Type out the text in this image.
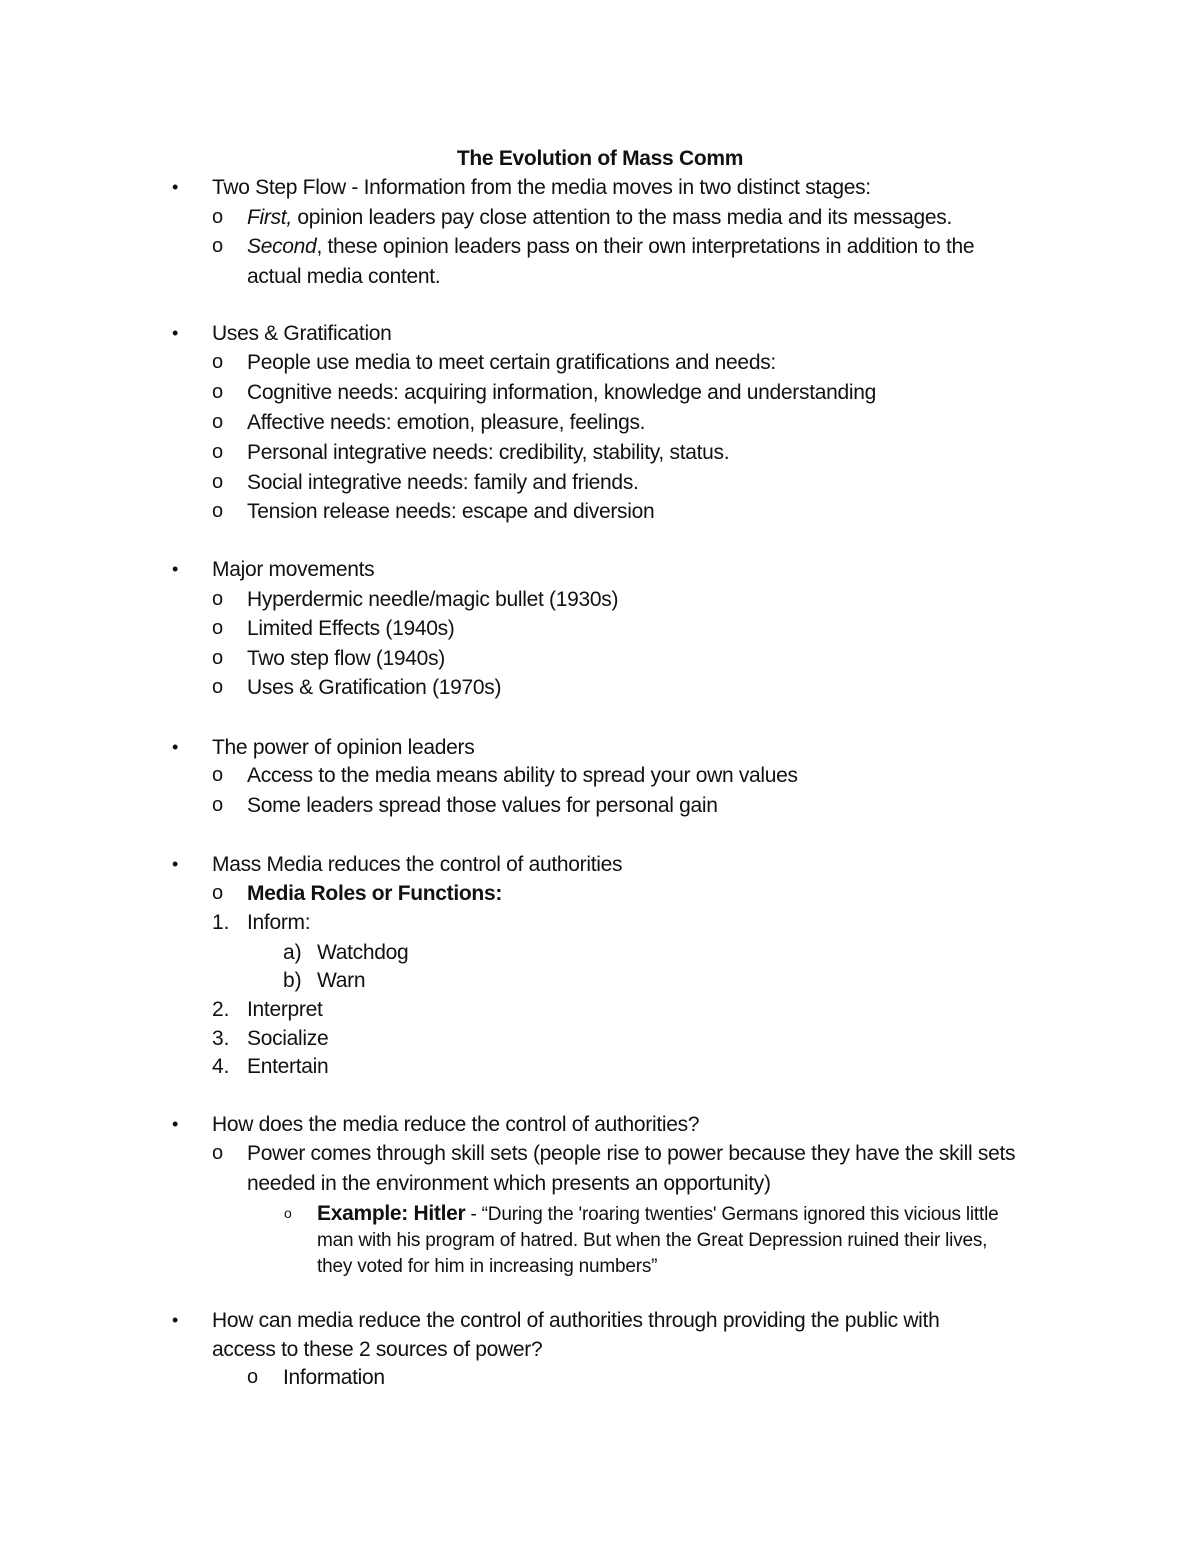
The Evolution of Mass Comm
• Two Step Flow - Information from the media moves in two distinct stages:
o First, opinion leaders pay close attention to the mass media and its messages.
o Second, these opinion leaders pass on their own interpretations in addition to the
actual media content.
• Uses & Gratification
o People use media to meet certain gratifications and needs:
o Cognitive needs: acquiring information, knowledge and understanding
o Affective needs: emotion, pleasure, feelings.
o Personal integrative needs: credibility, stability, status.
o Social integrative needs: family and friends.
o Tension release needs: escape and diversion
• Major movements
o Hyperdermic needle/magic bullet (1930s)
o Limited Effects (1940s)
o Two step flow (1940s)
o Uses & Gratification (1970s)
• The power of opinion leaders
o Access to the media means ability to spread your own values
o Some leaders spread those values for personal gain
• Mass Media reduces the control of authorities
o Media Roles or Functions:
1. Inform:
a) Watchdog
b) Warn
2. Interpret
3. Socialize
4. Entertain
• How does the media reduce the control of authorities?
o Power comes through skill sets (people rise to power because they have the skill sets
needed in the environment which presents an opportunity)
o Example: Hitler - “During the 'roaring twenties' Germans ignored this vicious little
man with his program of hatred. But when the Great Depression ruined their lives,
they voted for him in increasing numbers”
• How can media reduce the control of authorities through providing the public with
access to these 2 sources of power?
o Information
